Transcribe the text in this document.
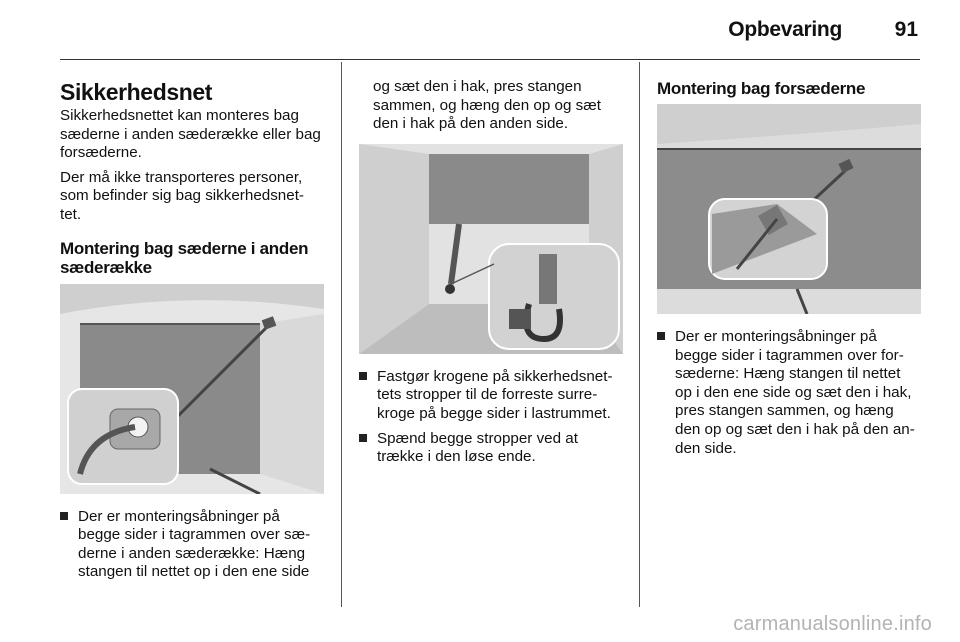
Opbevaring	91
Sikkerhedsnet

Sikkerhedsnettet kan monteres bag sæderne i anden sæderække eller bag forsæderne.

Der må ikke transporteres personer, som befinder sig bag sikkerhedsnet-tet.

Montering bag sæderne i anden sæderække
Der er monteringsåbninger på begge sider i tagrammen over sæ-derne i anden sæderække: Hæng stangen til nettet op i den ene side

og sæt den i hak, pres stangen sammen, og hæng den op og sæt den i hak på den anden side.

Fastgør krogene på sikkerhedsnet-tets stropper til de forreste surre-kroge på begge sider i lastrummet.
Spænd begge stropper ved at trække i den løse ende.
Montering bag forsæderne
Der er monteringsåbninger på begge sider i tagrammen over for-sæderne: Hæng stangen til nettet op i den ene side og sæt den i hak, pres stangen sammen, og hæng den op og sæt den i hak på den an-den side.
carmanualsonline.info
